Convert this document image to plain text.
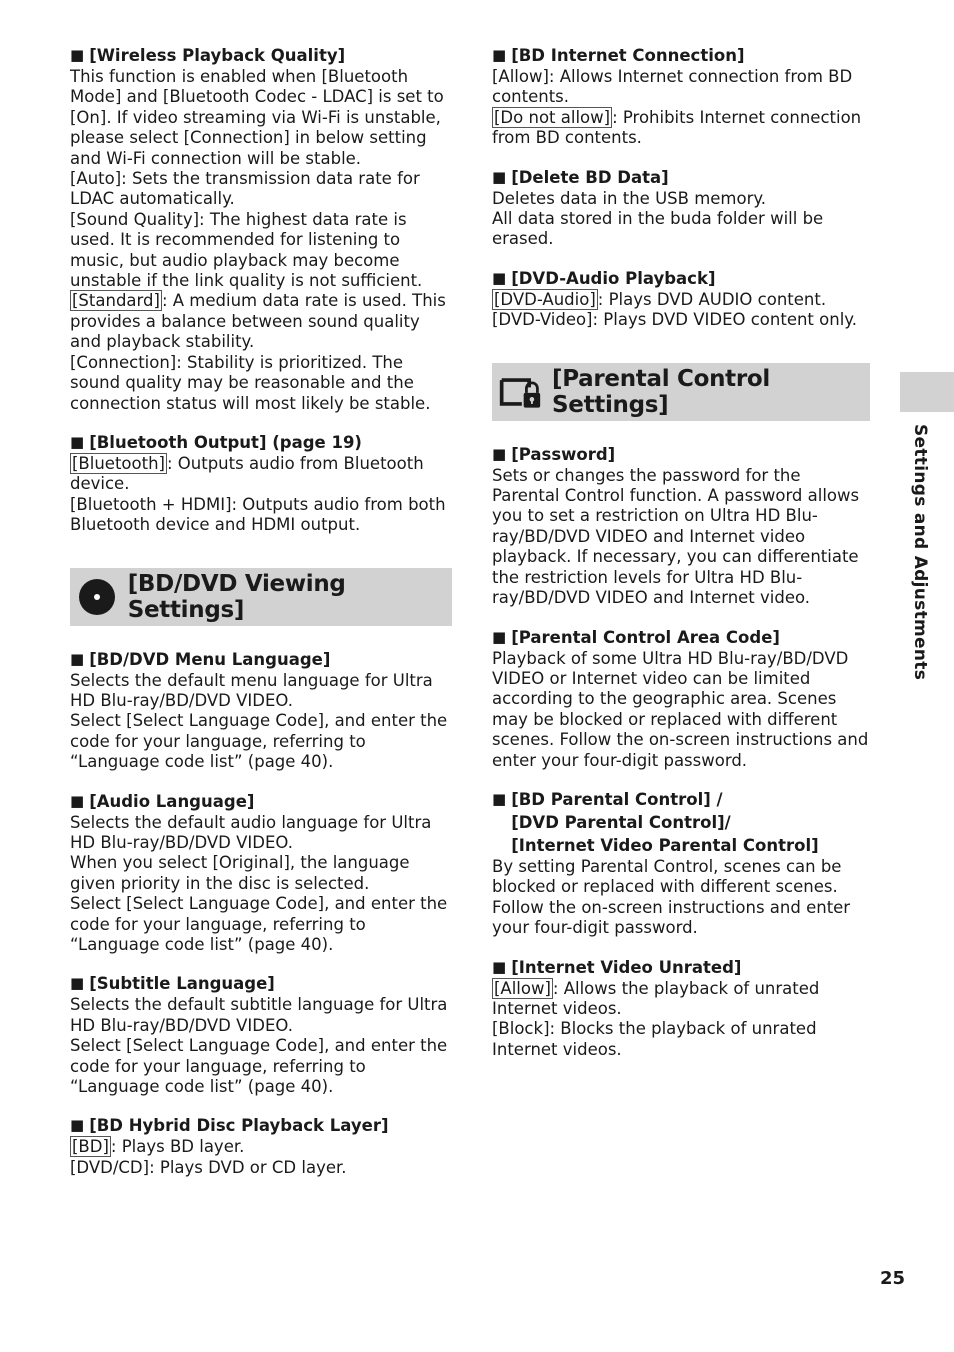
■ [Wireless Playback Quality]

This function is enabled when [Bluetooth Mode] and [Bluetooth Codec - LDAC] is set to [On]. If video streaming via Wi-Fi is unstable, please select [Connection] in below setting and Wi-Fi connection will be stable.

[Auto]: Sets the transmission data rate for LDAC automatically.

[Sound Quality]: The highest data rate is used. It is recommended for listening to music, but audio playback may become unstable if the link quality is not sufficient.

[Standard] : A medium data rate is used. This provides a balance between sound quality and playback stability.

[Connection]: Stability is prioritized. The sound quality may be reasonable and the connection status will most likely be stable.

■ [Bluetooth Output] (page 19)

[Bluetooth] : Outputs audio from Bluetooth device.

[Bluetooth + HDMI]: Outputs audio from both Bluetooth device and HDMI output.

[BD/DVD Viewing Settings]
■ [BD/DVD Menu Language]

Selects the default menu language for Ultra HD Blu-ray/BD/DVD VIDEO.

Select [Select Language Code], and enter the code for your language, referring to “Language code list” (page 40).

■ [Audio Language]

Selects the default audio language for Ultra HD Blu-ray/BD/DVD VIDEO.

When you select [Original], the language given priority in the disc is selected.

Select [Select Language Code], and enter the code for your language, referring to “Language code list” (page 40).

■ [Subtitle Language]

Selects the default subtitle language for Ultra HD Blu-ray/BD/DVD VIDEO.

Select [Select Language Code], and enter the code for your language, referring to “Language code list” (page 40).

■ [BD Hybrid Disc Playback Layer]

[BD] : Plays BD layer.

[DVD/CD]: Plays DVD or CD layer.

■ [BD Internet Connection]

[Allow]: Allows Internet connection from BD contents.

[Do not allow] : Prohibits Internet connection from BD contents.

■ [Delete BD Data]

Deletes data in the USB memory.

All data stored in the buda folder will be erased.

■ [DVD-Audio Playback]

[DVD-Audio] : Plays DVD AUDIO content.

[DVD-Video]: Plays DVD VIDEO content only.

[Parental Control Settings]
■ [Password]

Sets or changes the password for the Parental Control function. A password allows you to set a restriction on Ultra HD Blu-ray/BD/DVD VIDEO and Internet video playback. If necessary, you can differentiate the restriction levels for Ultra HD Blu-ray/BD/DVD VIDEO and Internet video.

■ [Parental Control Area Code]

Playback of some Ultra HD Blu-ray/BD/DVD VIDEO or Internet video can be limited according to the geographic area. Scenes may be blocked or replaced with different scenes. Follow the on-screen instructions and enter your four-digit password.

■ [BD Parental Control] /
[DVD Parental Control]/
[Internet Video Parental Control]

By setting Parental Control, scenes can be blocked or replaced with different scenes. Follow the on-screen instructions and enter your four-digit password.

■ [Internet Video Unrated]

[Allow] : Allows the playback of unrated Internet videos.

[Block]: Blocks the playback of unrated Internet videos.

Settings and Adjustments
25
